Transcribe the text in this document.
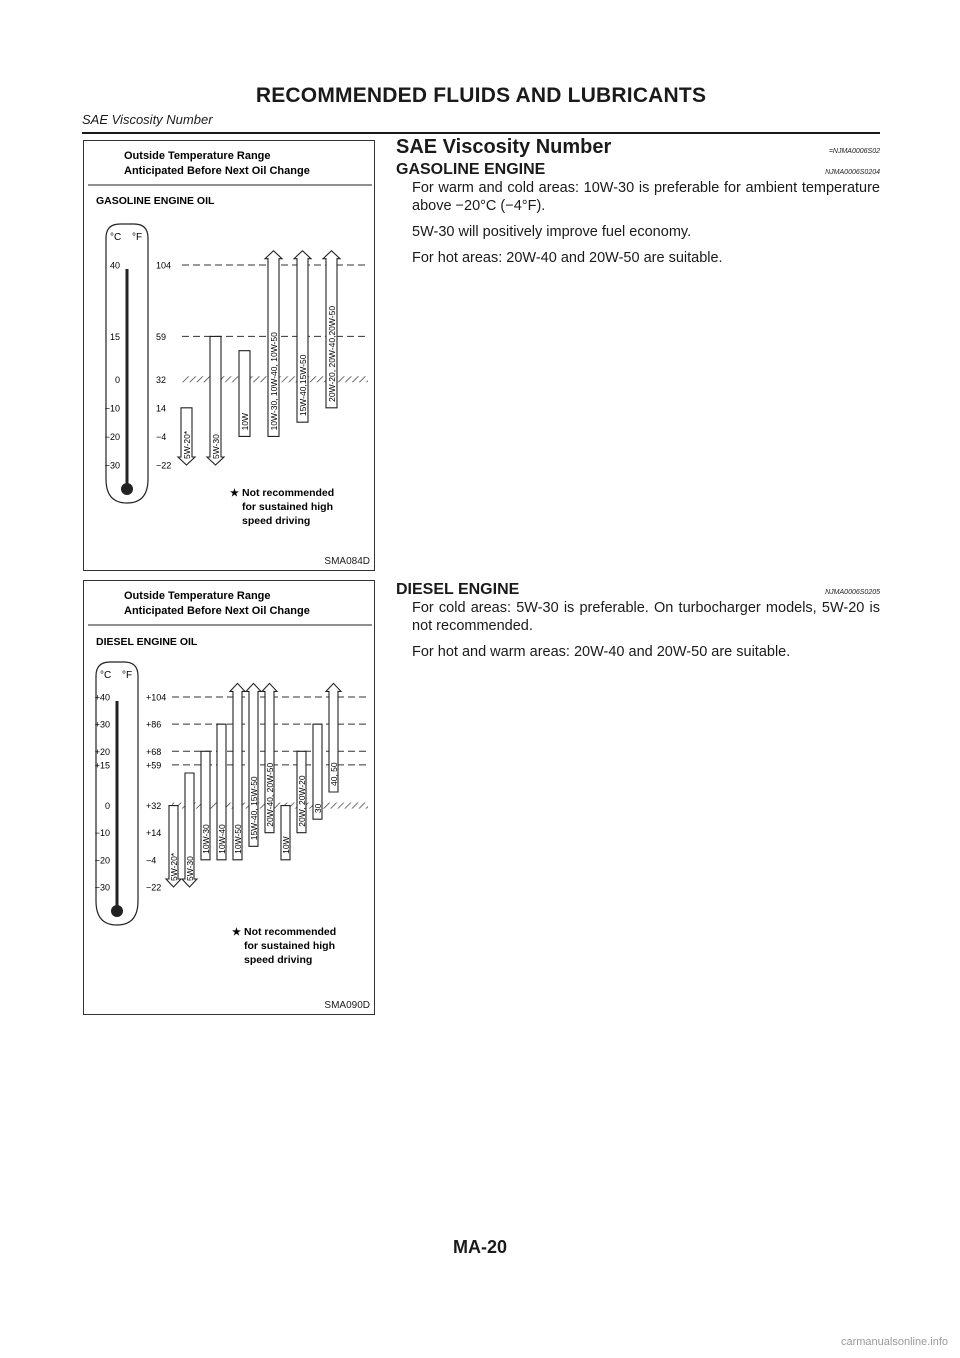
RECOMMENDED FLUIDS AND LUBRICANTS
SAE Viscosity Number
Outside Temperature Range
Anticipated Before Next Oil Change
GASOLINE ENGINE OIL
°C °F
40	104
15	59
0	32
−10	14
−20	−4
−30	−22
5W-20* 5W-30
10W 10W-30, 10W-40, 10W-50 15W-40,15W-50 20W-20, 20W-40,20W-50
★ Not recommended
for sustained high
speed driving
SMA084D
Outside Temperature Range
Anticipated Before Next Oil Change
DIESEL ENGINE OIL
°C °F
+40	+104
+30	+86
+20	+68
+15	+59
0	+32
−10	+14
−20	−4
−30	−22
5W-20* 5W-30
10W-30 10W-40 10W-50 15W-40, 15W-50 20W-40, 20W-50
10W
20W, 20W-20 30
40, 50
★ Not recommended
for sustained high
speed driving
SMA090D
SAE Viscosity Number	=NJMA0006S02
GASOLINE ENGINE	NJMA0006S0204

For warm and cold areas: 10W-30 is preferable for ambient temperature above −20°C (−4°F).

5W-30 will positively improve fuel economy.

For hot areas: 20W-40 and 20W-50 are suitable.

DIESEL ENGINE	NJMA0006S0205

For cold areas: 5W-30 is preferable. On turbocharger models, 5W-20 is not recommended.

For hot and warm areas: 20W-40 and 20W-50 are suitable.

MA-20
carmanualsonline.info
